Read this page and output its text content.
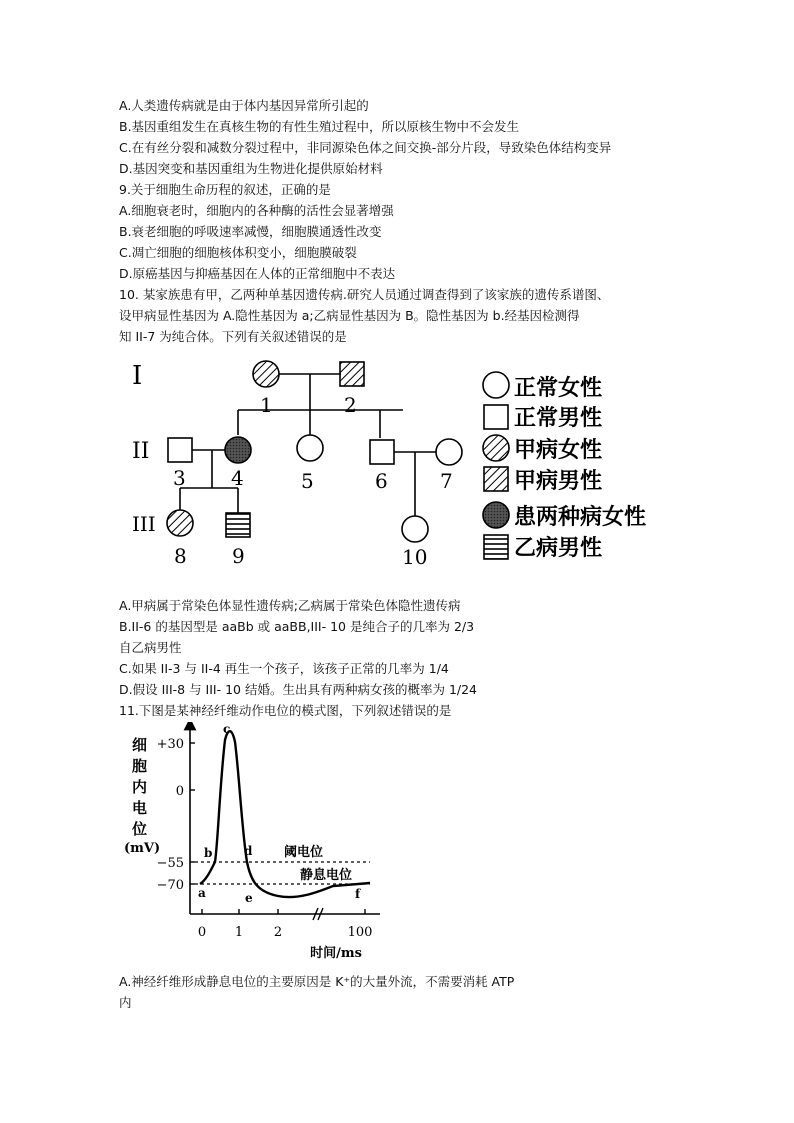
A.人类遗传病就是由于体内基因异常所引起的
B.基因重组发生在真核生物的有性生殖过程中，所以原核生物中不会发生
C.在有丝分裂和减数分裂过程中，非同源染色体之间交换-部分片段，导致染色体结构变异
D.基因突变和基因重组为生物进化提供原始材料
9.关于细胞生命历程的叙述，正确的是
A.细胞衰老时，细胞内的各种酶的活性会显著增强
B.衰老细胞的呼吸速率减慢，细胞膜通透性改变
C.凋亡细胞的细胞核体积变小，细胞膜破裂
D.原癌基因与抑癌基因在人体的正常细胞中不表达
10. 某家族患有甲，乙两种单基因遗传病.研究人员通过调查得到了该家族的遗传系谱图、
设甲病显性基因为 A.隐性基因为 a;乙病显性基因为 B。隐性基因为 b.经基因检测得
知 II-7 为纯合体。下列有关叙述错误的是
I
II
III
1	2
3 4	5	6	7
8 9	10
正常女性
正常男性
甲病女性
甲病男性
患两种病女性
乙病男性
A.甲病属于常染色体显性遗传病;乙病属于常染色体隐性遗传病
B.II-6 的基因型是 aaBb 或 aaBB,III- 10 是纯合子的几率为 2/3
自乙病男性
C.如果 II-3 与 II-4 再生一个孩子，该孩子正常的几率为 1/4
D.假设 III-8 与 III- 10 结婚。生出具有两种病女孩的概率为 1/24
11.下图是某神经纤维动作电位的模式图，下列叙述错误的是
细
胞
内
电
位
(mV)
+30
0
−55
−70
0 1 2	100
时间/ms
阈电位
静息电位
a
b
c
d
e	f
A.神经纤维形成静息电位的主要原因是 K⁺的大量外流，不需要消耗 ATP
内
